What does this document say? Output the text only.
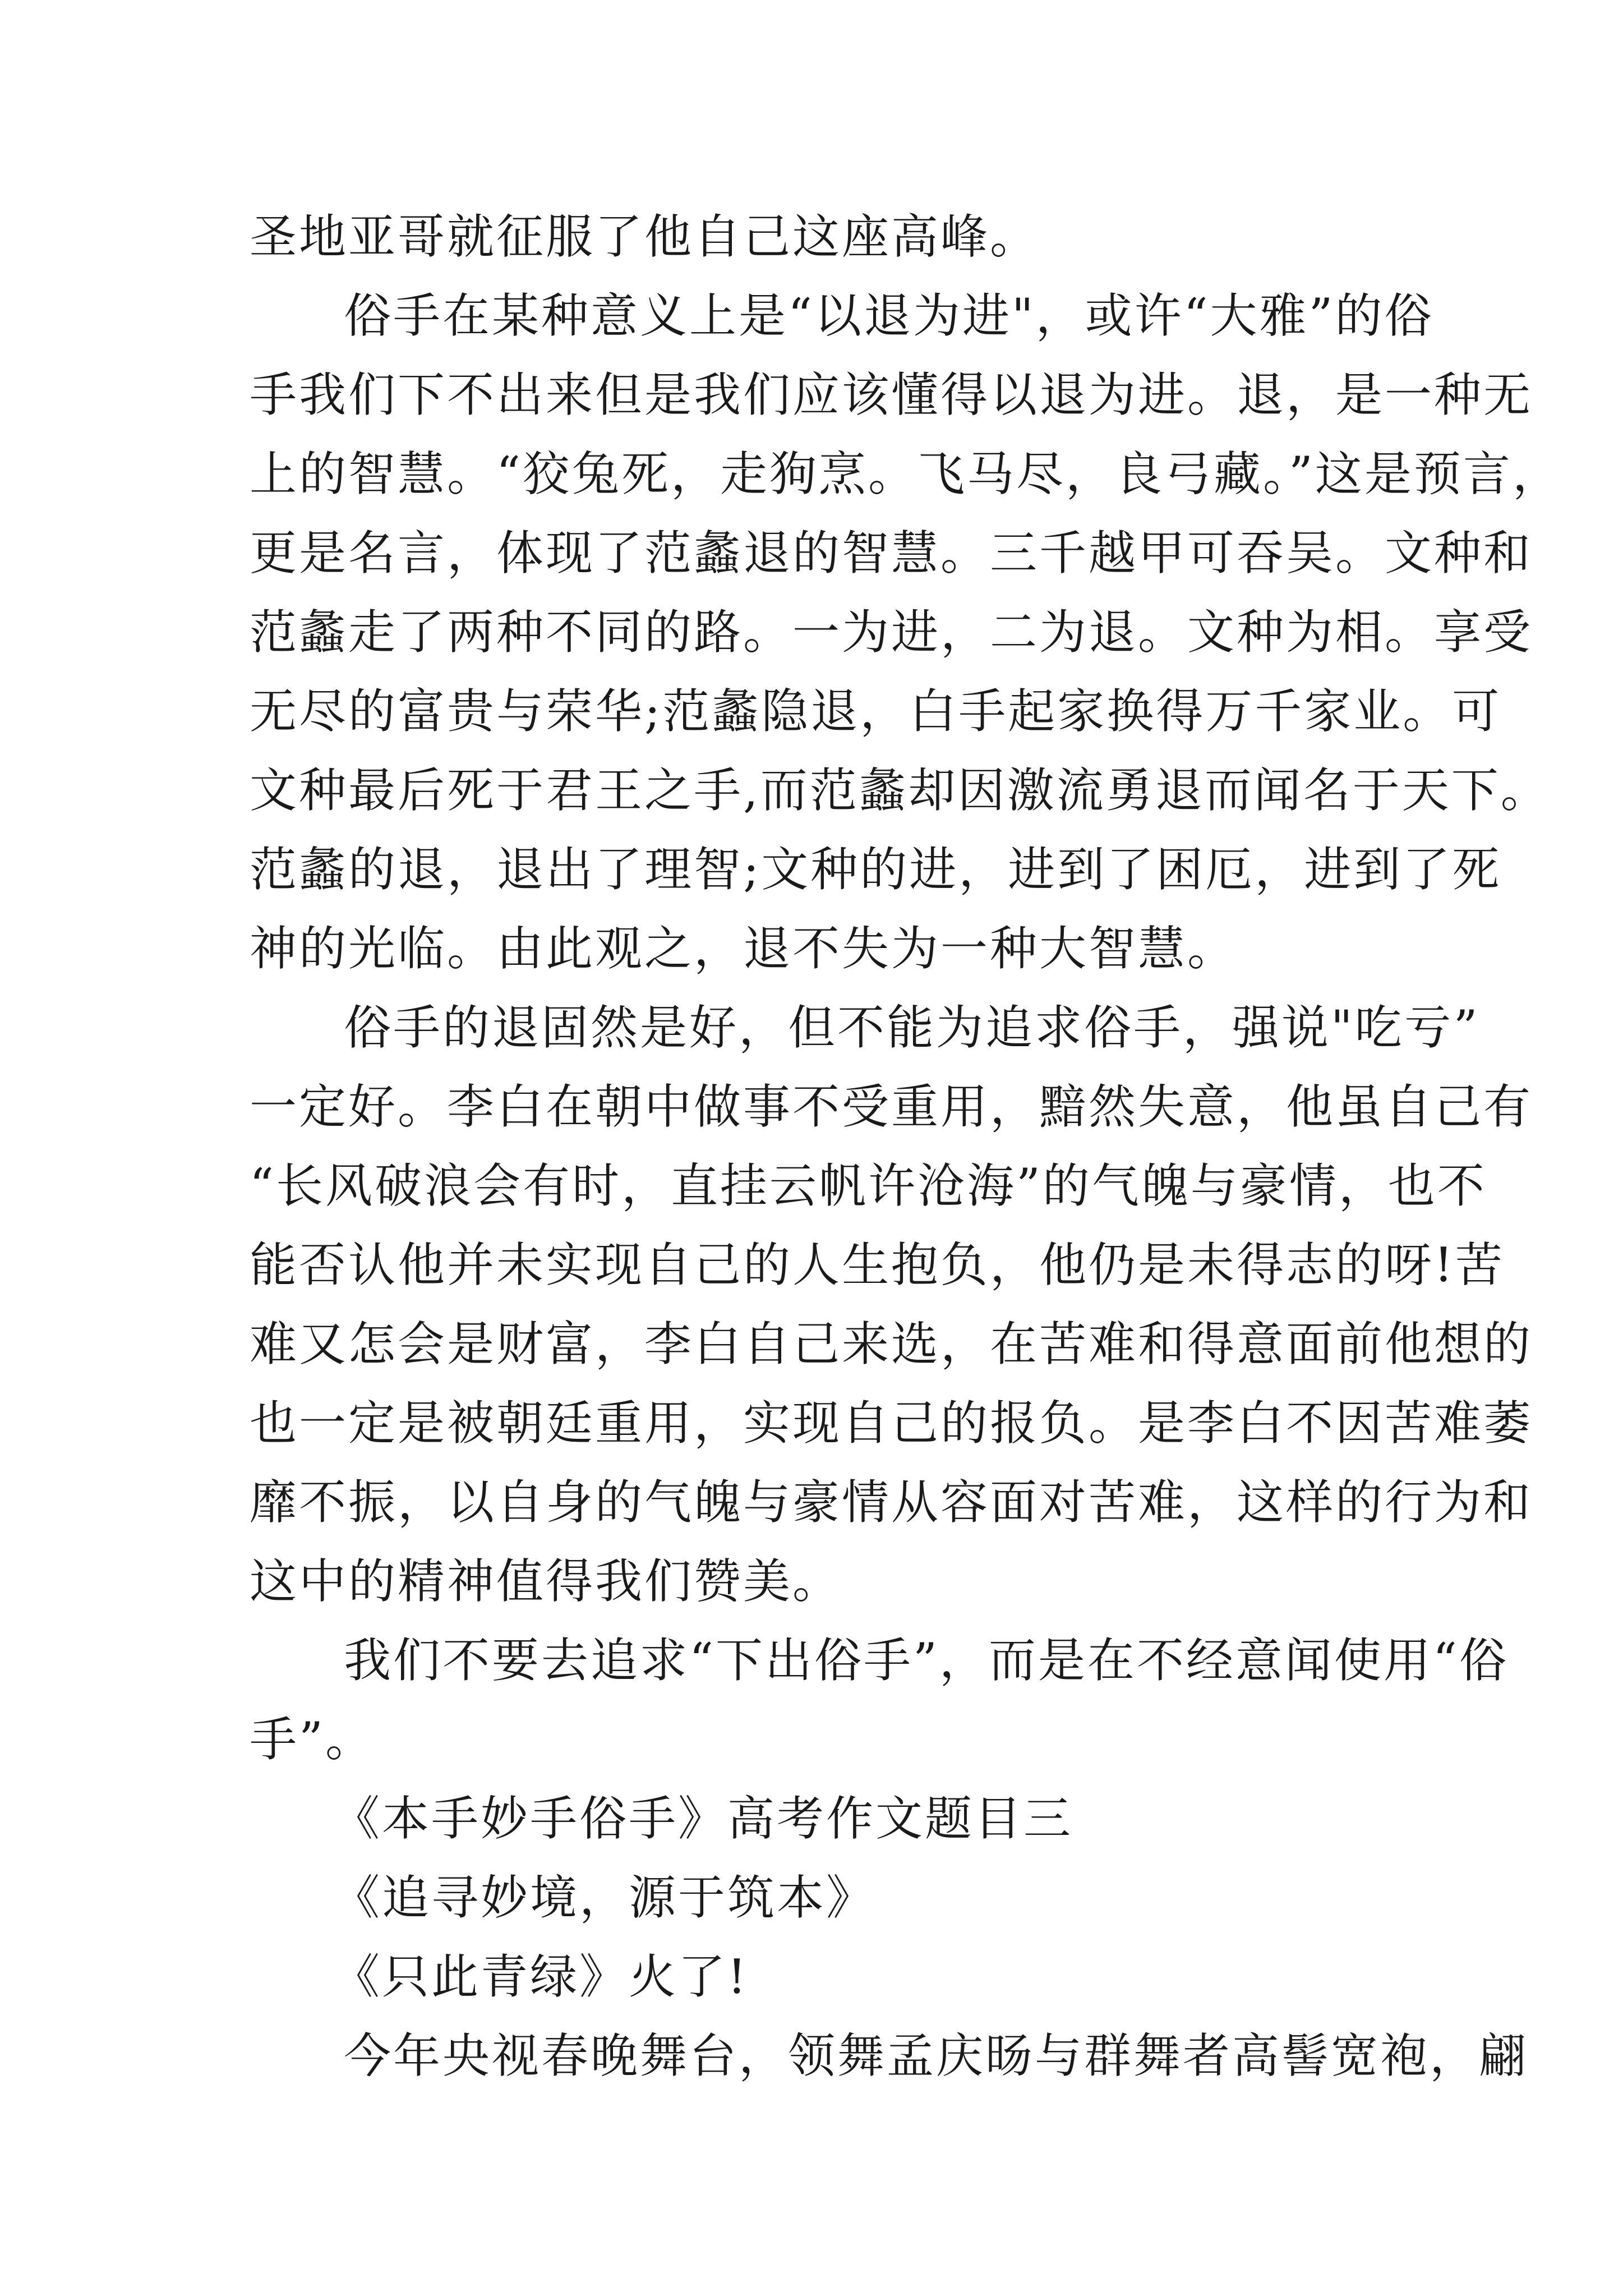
圣地亚哥就征服了他自己这座高峰。
俗手在某种意义上是“以退为进"，或许“大雅”的俗
手我们下不出来但是我们应该懂得以退为进。退，是一种无
上的智慧。“狡兔死，走狗烹。飞马尽，良弓藏。”这是预言，
更是名言，体现了范蠡退的智慧。三千越甲可吞吴。文种和
范蠡走了两种不同的路。一为进，二为退。文种为相。享受
无尽的富贵与荣华;范蠡隐退，白手起家换得万千家业。可
文种最后死于君王之手,而范蠡却因激流勇退而闻名于天下。
范蠡的退，退出了理智;文种的进，进到了困厄，进到了死
神的光临。由此观之，退不失为一种大智慧。
俗手的退固然是好，但不能为追求俗手，强说"吃亏”
一定好。李白在朝中做事不受重用，黯然失意，他虽自己有
“长风破浪会有时，直挂云帆许沧海”的气魄与豪情，也不
能否认他并未实现自己的人生抱负，他仍是未得志的呀!苦
难又怎会是财富，李白自己来选，在苦难和得意面前他想的
也一定是被朝廷重用，实现自己的报负。是李白不因苦难萎
靡不振，以自身的气魄与豪情从容面对苦难，这样的行为和
这中的精神值得我们赞美。
我们不要去追求“下出俗手”，而是在不经意闻使用“俗
手”。
《本手妙手俗手》高考作文题目三
《追寻妙境，源于筑本》
《只此青绿》火了!
今年央视春晚舞台，领舞孟庆旸与群舞者高髻宽袍，翩
